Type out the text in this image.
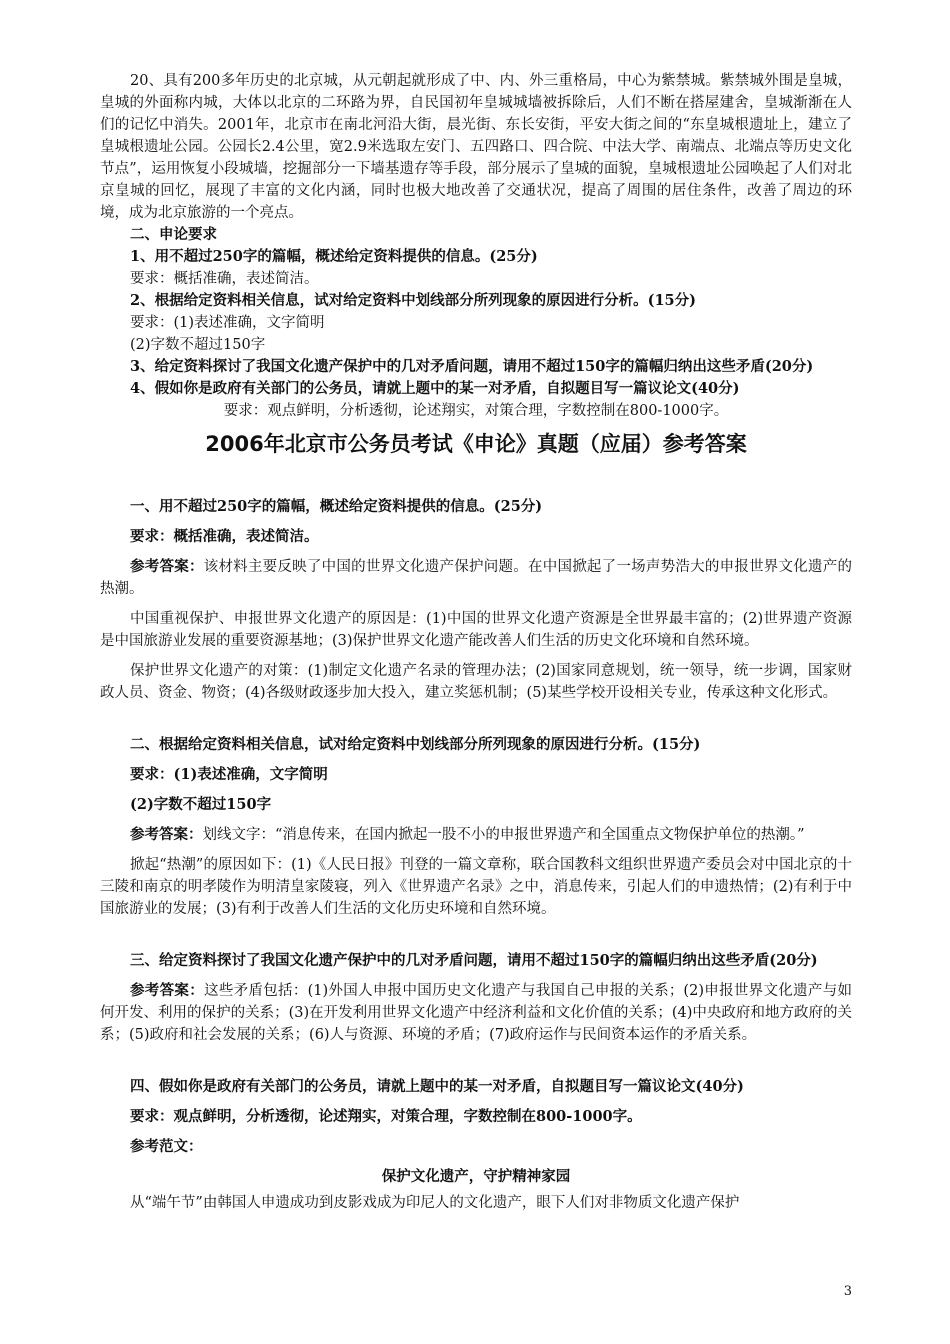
20、具有200多年历史的北京城，从元朝起就形成了中、内、外三重格局，中心为紫禁城。紫禁城外围是皇城，皇城的外面称内城，大体以北京的二环路为界，自民国初年皇城城墙被拆除后，人们不断在搭屋建舍，皇城渐渐在人们的记忆中消失。2001年，北京市在南北河沿大街，晨光街、东长安街，平安大街之间的“东皇城根遗址上，建立了皇城根遗址公园。公园长2.4公里，宽2.9米选取左安门、五四路口、四合院、中法大学、南端点、北端点等历史文化节点”，运用恢复小段城墙，挖掘部分一下墙基遗存等手段，部分展示了皇城的面貌，皇城根遗址公园唤起了人们对北京皇城的回忆，展现了丰富的文化内涵，同时也极大地改善了交通状况，提高了周围的居住条件，改善了周边的环境，成为北京旅游的一个亮点。

二、申论要求

1、用不超过250字的篇幅，概述给定资料提供的信息。(25分)

要求：概括准确，表述简洁。

2、根据给定资料相关信息，试对给定资料中划线部分所列现象的原因进行分析。(15分)

要求：(1)表述准确，文字简明

(2)字数不超过150字

3、给定资料探讨了我国文化遗产保护中的几对矛盾问题，请用不超过150字的篇幅归纳出这些矛盾(20分)

4、假如你是政府有关部门的公务员，请就上题中的某一对矛盾，自拟题目写一篇议论文(40分)

要求：观点鲜明，分析透彻，论述翔实，对策合理，字数控制在800-1000字。

2006年北京市公务员考试《申论》真题（应届）参考答案

一、用不超过250字的篇幅，概述给定资料提供的信息。(25分)

要求：概括准确，表述简洁。

参考答案：该材料主要反映了中国的世界文化遗产保护问题。在中国掀起了一场声势浩大的申报世界文化遗产的热潮。

中国重视保护、申报世界文化遗产的原因是：(1)中国的世界文化遗产资源是全世界最丰富的；(2)世界遗产资源是中国旅游业发展的重要资源基地；(3)保护世界文化遗产能改善人们生活的历史文化环境和自然环境。

保护世界文化遗产的对策：(1)制定文化遗产名录的管理办法；(2)国家同意规划，统一领导，统一步调，国家财政人员、资金、物资；(4)各级财政逐步加大投入，建立奖惩机制；(5)某些学校开设相关专业，传承这种文化形式。

二、根据给定资料相关信息，试对给定资料中划线部分所列现象的原因进行分析。(15分)

要求：(1)表述准确，文字简明

(2)字数不超过150字

参考答案：划线文字：“消息传来，在国内掀起一股不小的申报世界遗产和全国重点文物保护单位的热潮。”

掀起“热潮”的原因如下：(1)《人民日报》刊登的一篇文章称，联合国教科文组织世界遗产委员会对中国北京的十三陵和南京的明孝陵作为明清皇家陵寝，列入《世界遗产名录》之中，消息传来，引起人们的申遗热情；(2)有利于中国旅游业的发展；(3)有利于改善人们生活的文化历史环境和自然环境。

三、给定资料探讨了我国文化遗产保护中的几对矛盾问题，请用不超过150字的篇幅归纳出这些矛盾(20分)

参考答案：这些矛盾包括：(1)外国人申报中国历史文化遗产与我国自己申报的关系；(2)申报世界文化遗产与如何开发、利用的保护的关系；(3)在开发利用世界文化遗产中经济利益和文化价值的关系；(4)中央政府和地方政府的关系；(5)政府和社会发展的关系；(6)人与资源、环境的矛盾；(7)政府运作与民间资本运作的矛盾关系。

四、假如你是政府有关部门的公务员，请就上题中的某一对矛盾，自拟题目写一篇议论文(40分)

要求：观点鲜明，分析透彻，论述翔实，对策合理，字数控制在800-1000字。

参考范文：

保护文化遗产，守护精神家园

从“端午节”由韩国人申遗成功到皮影戏成为印尼人的文化遗产，眼下人们对非物质文化遗产保护

3
